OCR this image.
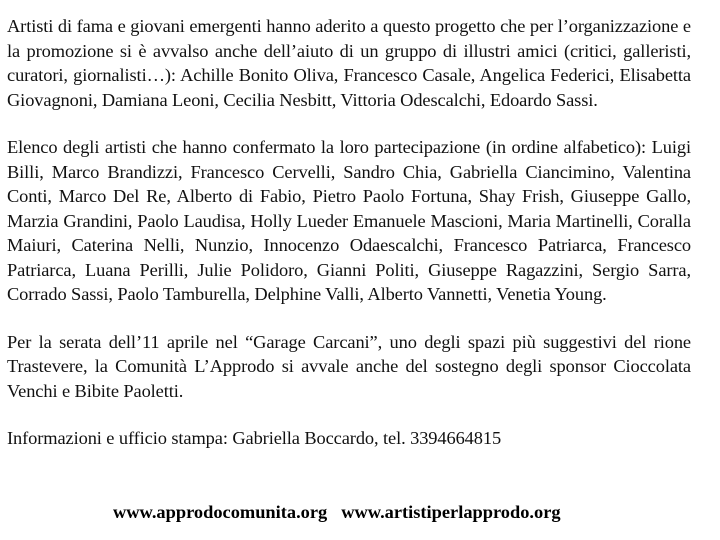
Artisti di fama e giovani emergenti hanno aderito a questo progetto che per l’organizzazione e la promozione si è avvalso anche dell’aiuto di un gruppo di illustri amici (critici, galleristi, curatori, giornalisti…): Achille Bonito Oliva, Francesco Casale, Angelica Federici, Elisabetta Giovagnoni, Damiana Leoni, Cecilia Nesbitt, Vittoria Odescalchi, Edoardo Sassi.

Elenco degli artisti che hanno confermato la loro partecipazione (in ordine alfabetico): Luigi Billi, Marco Brandizzi, Francesco Cervelli, Sandro Chia, Gabriella Ciancimino, Valentina Conti, Marco Del Re, Alberto di Fabio, Pietro Paolo Fortuna, Shay Frish, Giuseppe Gallo, Marzia Grandini, Paolo Laudisa, Holly Lueder Emanuele Mascioni, Maria Martinelli, Coralla Maiuri, Caterina Nelli, Nunzio, Innocenzo Odaescalchi, Francesco Patriarca, Francesco Patriarca, Luana Perilli, Julie Polidoro, Gianni Politi, Giuseppe Ragazzini, Sergio Sarra, Corrado Sassi, Paolo Tamburella, Delphine Valli, Alberto Vannetti, Venetia Young.

Per la serata dell’11 aprile nel “Garage Carcani”, uno degli spazi più suggestivi del rione Trastevere, la Comunità L’Approdo si avvale anche del sostegno degli sponsor Cioccolata Venchi e Bibite Paoletti.

Informazioni e ufficio stampa: Gabriella Boccardo, tel. 3394664815

www.approdocomunita.org www.artistiperlapprodo.org
